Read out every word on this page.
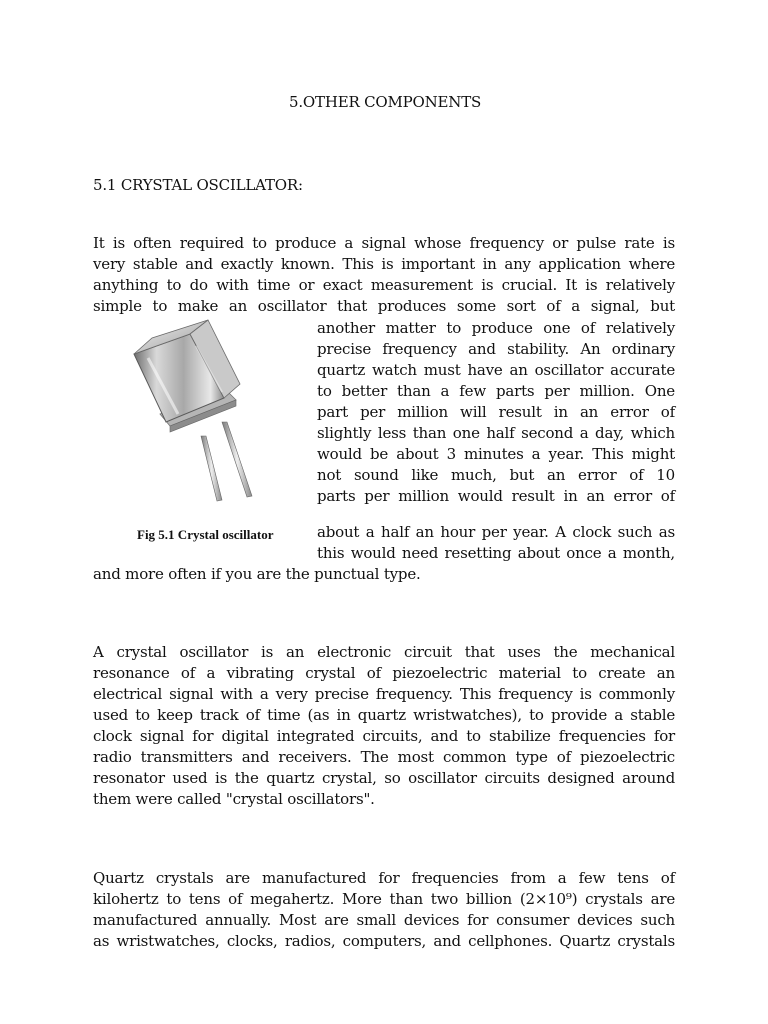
5.OTHER COMPONENTS
5.1 CRYSTAL OSCILLATOR:
It is often required to produce a signal whose frequency or pulse rate is
very stable and exactly known. This is important in any application where
anything to do with time or exact measurement is crucial. It is relatively
simple to make an oscillator that produces some sort of a signal, but
Fig 5.1 Crystal oscillator
another matter to produce one of relatively
precise frequency and stability. An ordinary
quartz watch must have an oscillator accurate
to better than a few parts per million. One
part per million will result in an error of
slightly less than one half second a day, which
would be about 3 minutes a year. This might
not sound like much, but an error of 10
parts per million would result in an error of
about a half an hour per year. A clock such as
this would need resetting about once a month,
and more often if you are the punctual type.
A crystal oscillator is an electronic circuit that uses the mechanical
resonance of a vibrating crystal of piezoelectric material to create an
electrical signal with a very precise frequency. This frequency is commonly
used to keep track of time (as in quartz wristwatches), to provide a stable
clock signal for digital integrated circuits, and to stabilize frequencies for
radio transmitters and receivers. The most common type of piezoelectric
resonator used is the quartz crystal, so oscillator circuits designed around
them were called "crystal oscillators".
Quartz crystals are manufactured for frequencies from a few tens of
kilohertz to tens of megahertz. More than two billion (2×10⁹) crystals are
manufactured annually. Most are small devices for consumer devices such
as wristwatches, clocks, radios, computers, and cellphones. Quartz crystals
